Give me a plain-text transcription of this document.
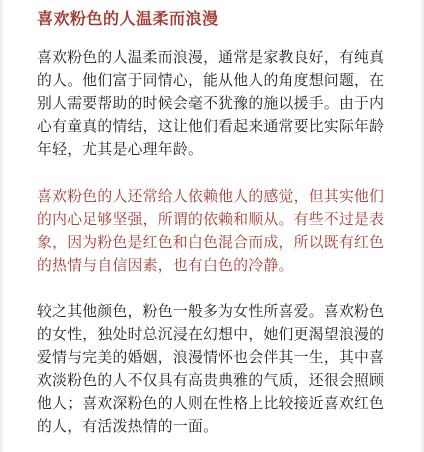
喜欢粉色的人温柔而浪漫

喜欢粉色的人温柔而浪漫，通常是家教良好，有纯真
的人。他们富于同情心，能从他人的角度想问题，在
别人需要帮助的时候会毫不犹豫的施以援手。由于内
心有童真的情结，这让他们看起来通常要比实际年龄
年轻，尤其是心理年龄。

喜欢粉色的人还常给人依赖他人的感觉，但其实他们
的内心足够坚强，所谓的依赖和顺从。有些不过是表
象，因为粉色是红色和白色混合而成，所以既有红色
的热情与自信因素，也有白色的冷静。

较之其他颜色，粉色一般多为女性所喜爱。喜欢粉色
的女性，独处时总沉浸在幻想中，她们更渴望浪漫的
爱情与完美的婚姻，浪漫情怀也会伴其一生，其中喜
欢淡粉色的人不仅具有高贵典雅的气质，还很会照顾
他人；喜欢深粉色的人则在性格上比较接近喜欢红色
的人，有活泼热情的一面。
